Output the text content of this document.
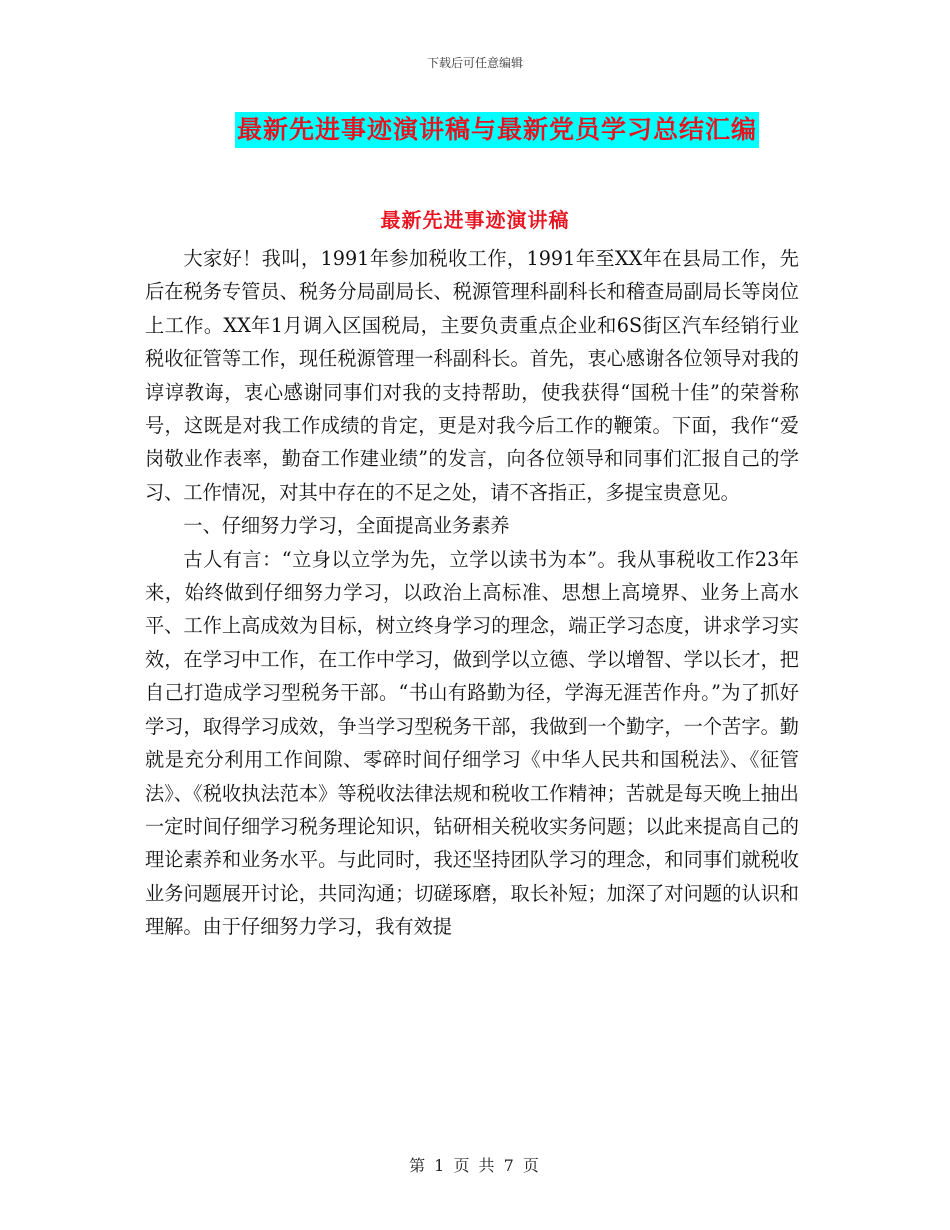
下载后可任意编辑
最新先进事迹演讲稿与最新党员学习总结汇编
最新先进事迹演讲稿

大家好！我叫，1991年参加税收工作，1991年至XX年在县局工作，先后在税务专管员、税务分局副局长、税源管理科副科长和稽查局副局长等岗位上工作。XX年1月调入区国税局，主要负责重点企业和6S街区汽车经销行业税收征管等工作，现任税源管理一科副科长。首先，衷心感谢各位领导对我的谆谆教诲，衷心感谢同事们对我的支持帮助，使我获得“国税十佳”的荣誉称号，这既是对我工作成绩的肯定，更是对我今后工作的鞭策。下面，我作“爱岗敬业作表率，勤奋工作建业绩”的发言，向各位领导和同事们汇报自己的学习、工作情况，对其中存在的不足之处，请不吝指正，多提宝贵意见。

一、仔细努力学习，全面提高业务素养

古人有言：“立身以立学为先，立学以读书为本”。我从事税收工作23年来，始终做到仔细努力学习，以政治上高标准、思想上高境界、业务上高水平、工作上高成效为目标，树立终身学习的理念，端正学习态度，讲求学习实效，在学习中工作，在工作中学习，做到学以立德、学以增智、学以长才，把自己打造成学习型税务干部。“书山有路勤为径，学海无涯苦作舟。”为了抓好学习，取得学习成效，争当学习型税务干部，我做到一个勤字，一个苦字。勤就是充分利用工作间隙、零碎时间仔细学习《中华人民共和国税法》、《征管法》、《税收执法范本》等税收法律法规和税收工作精神；苦就是每天晚上抽出一定时间仔细学习税务理论知识，钻研相关税收实务问题；以此来提高自己的理论素养和业务水平。与此同时，我还坚持团队学习的理念，和同事们就税收业务问题展开讨论，共同沟通；切磋琢磨，取长补短；加深了对问题的认识和理解。由于仔细努力学习，我有效提

第 1 页 共 7 页
